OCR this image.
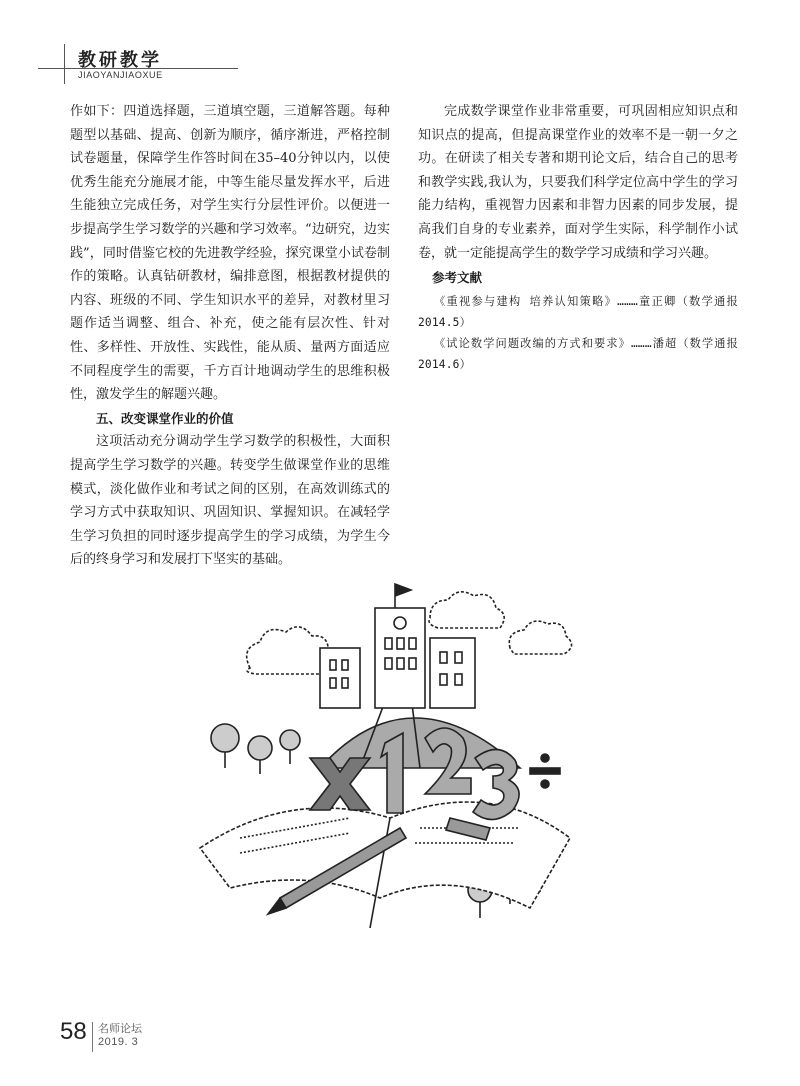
教研教学
JIAOYANJIAOXUE

作如下：四道选择题，三道填空题，三道解答题。每种题型以基础、提高、创新为顺序，循序渐进，严格控制试卷题量，保障学生作答时间在35–40分钟以内，以使优秀生能充分施展才能，中等生能尽量发挥水平，后进生能独立完成任务，对学生实行分层性评价。以便进一步提高学生学习数学的兴趣和学习效率。“边研究，边实践”，同时借鉴它校的先进教学经验，探究课堂小试卷制作的策略。认真钻研教材，编排意图，根据教材提供的内容、班级的不同、学生知识水平的差异，对教材里习题作适当调整、组合、补充，使之能有层次性、针对性、多样性、开放性、实践性，能从质、量两方面适应不同程度学生的需要，千方百计地调动学生的思维积极性，激发学生的解题兴趣。

五、改变课堂作业的价值

这项活动充分调动学生学习数学的积极性，大面积提高学生学习数学的兴趣。转变学生做课堂作业的思维模式，淡化做作业和考试之间的区别，在高效训练式的学习方式中获取知识、巩固知识、掌握知识。在减轻学生学习负担的同时逐步提高学生的学习成绩，为学生今后的终身学习和发展打下坚实的基础。

完成数学课堂作业非常重要，可巩固相应知识点和知识点的提高，但提高课堂作业的效率不是一朝一夕之功。在研读了相关专著和期刊论文后，结合自己的思考和教学实践,我认为，只要我们科学定位高中学生的学习能力结构，重视智力因素和非智力因素的同步发展，提高我们自身的专业素养，面对学生实际，科学制作小试卷，就一定能提高学生的数学学习成绩和学习兴趣。

参考文献

《重视参与建构 培养认知策略》………童正卿（数学通报 2014.5）

《试论数学问题改编的方式和要求》………潘超（数学通报2014.6）

58 名师论坛
2019. 3
